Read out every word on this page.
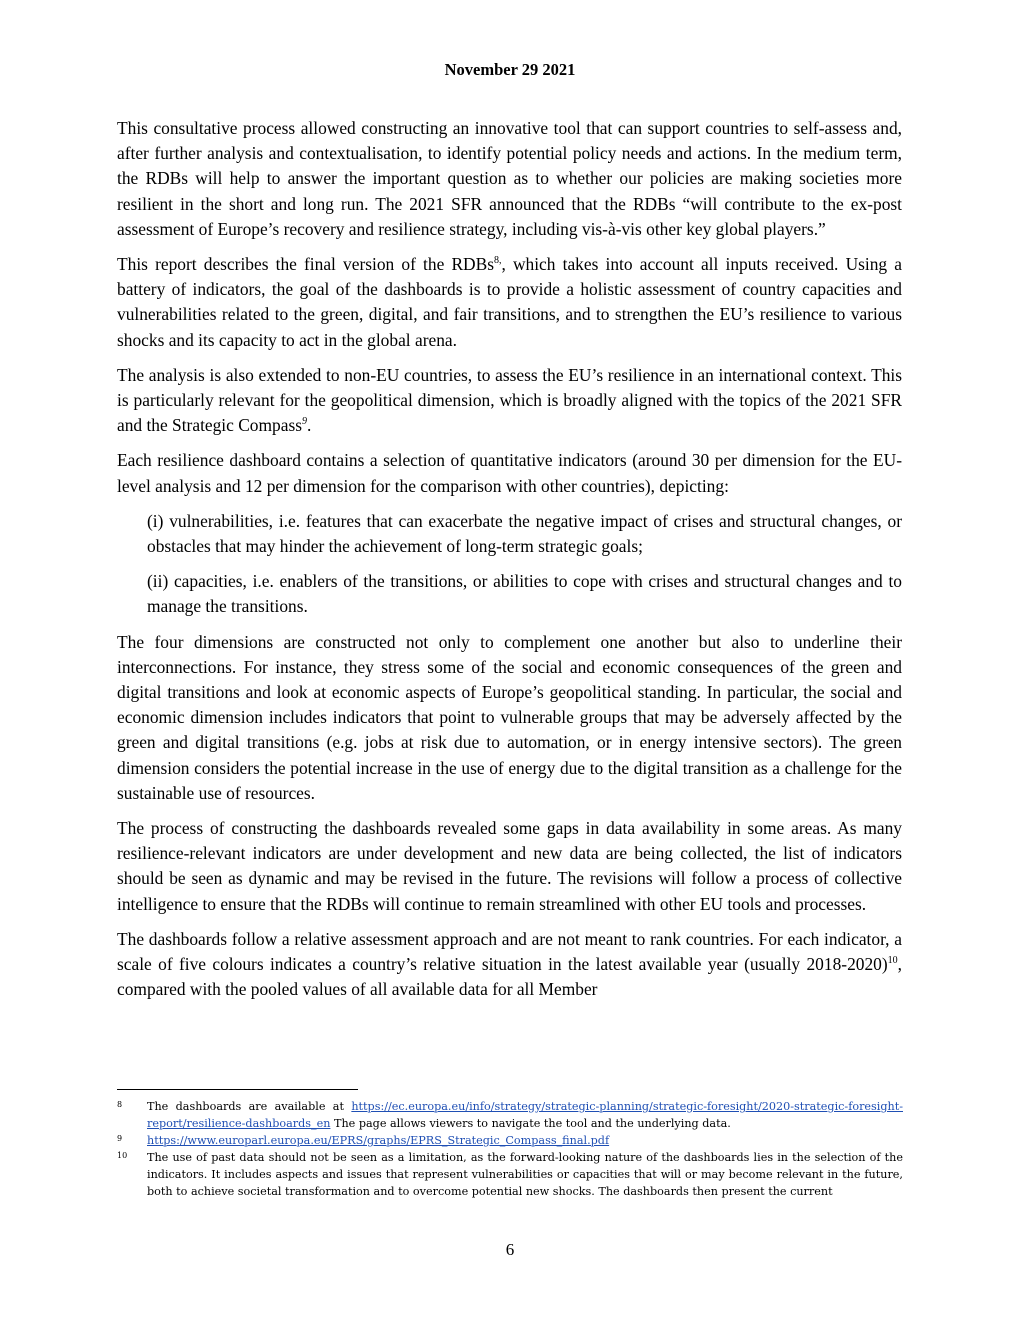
November 29 2021

This consultative process allowed constructing an innovative tool that can support countries to self-assess and, after further analysis and contextualisation, to identify potential policy needs and actions. In the medium term, the RDBs will help to answer the important question as to whether our policies are making societies more resilient in the short and long run. The 2021 SFR announced that the RDBs “will contribute to the ex-post assessment of Europe’s recovery and resilience strategy, including vis-à-vis other key global players.”

This report describes the final version of the RDBs$^{8,}$, which takes into account all inputs received. Using a battery of indicators, the goal of the dashboards is to provide a holistic assessment of country capacities and vulnerabilities related to the green, digital, and fair transitions, and to strengthen the EU’s resilience to various shocks and its capacity to act in the global arena.

The analysis is also extended to non-EU countries, to assess the EU’s resilience in an international context. This is particularly relevant for the geopolitical dimension, which is broadly aligned with the topics of the 2021 SFR and the Strategic Compass$^9$.

Each resilience dashboard contains a selection of quantitative indicators (around 30 per dimension for the EU-level analysis and 12 per dimension for the comparison with other countries), depicting:

(i) vulnerabilities, i.e. features that can exacerbate the negative impact of crises and structural changes, or obstacles that may hinder the achievement of long-term strategic goals;

(ii) capacities, i.e. enablers of the transitions, or abilities to cope with crises and structural changes and to manage the transitions.

The four dimensions are constructed not only to complement one another but also to underline their interconnections. For instance, they stress some of the social and economic consequences of the green and digital transitions and look at economic aspects of Europe’s geopolitical standing. In particular, the social and economic dimension includes indicators that point to vulnerable groups that may be adversely affected by the green and digital transitions (e.g. jobs at risk due to automation, or in energy intensive sectors). The green dimension considers the potential increase in the use of energy due to the digital transition as a challenge for the sustainable use of resources.

The process of constructing the dashboards revealed some gaps in data availability in some areas. As many resilience-relevant indicators are under development and new data are being collected, the list of indicators should be seen as dynamic and may be revised in the future. The revisions will follow a process of collective intelligence to ensure that the RDBs will continue to remain streamlined with other EU tools and processes.

The dashboards follow a relative assessment approach and are not meant to rank countries. For each indicator, a scale of five colours indicates a country’s relative situation in the latest available year (usually 2018-2020)$^{10}$, compared with the pooled values of all available data for all Member

8	The dashboards are available at https://ec.europa.eu/info/strategy/strategic-planning/strategic-foresight/2020-strategic-foresight-report/resilience-dashboards_en The page allows viewers to navigate the tool and the underlying data.
9	https://www.europarl.europa.eu/EPRS/graphs/EPRS_Strategic_Compass_final.pdf
10	The use of past data should not be seen as a limitation, as the forward-looking nature of the dashboards lies in the selection of the indicators. It includes aspects and issues that represent vulnerabilities or capacities that will or may become relevant in the future, both to achieve societal transformation and to overcome potential new shocks. The dashboards then present the current
6
